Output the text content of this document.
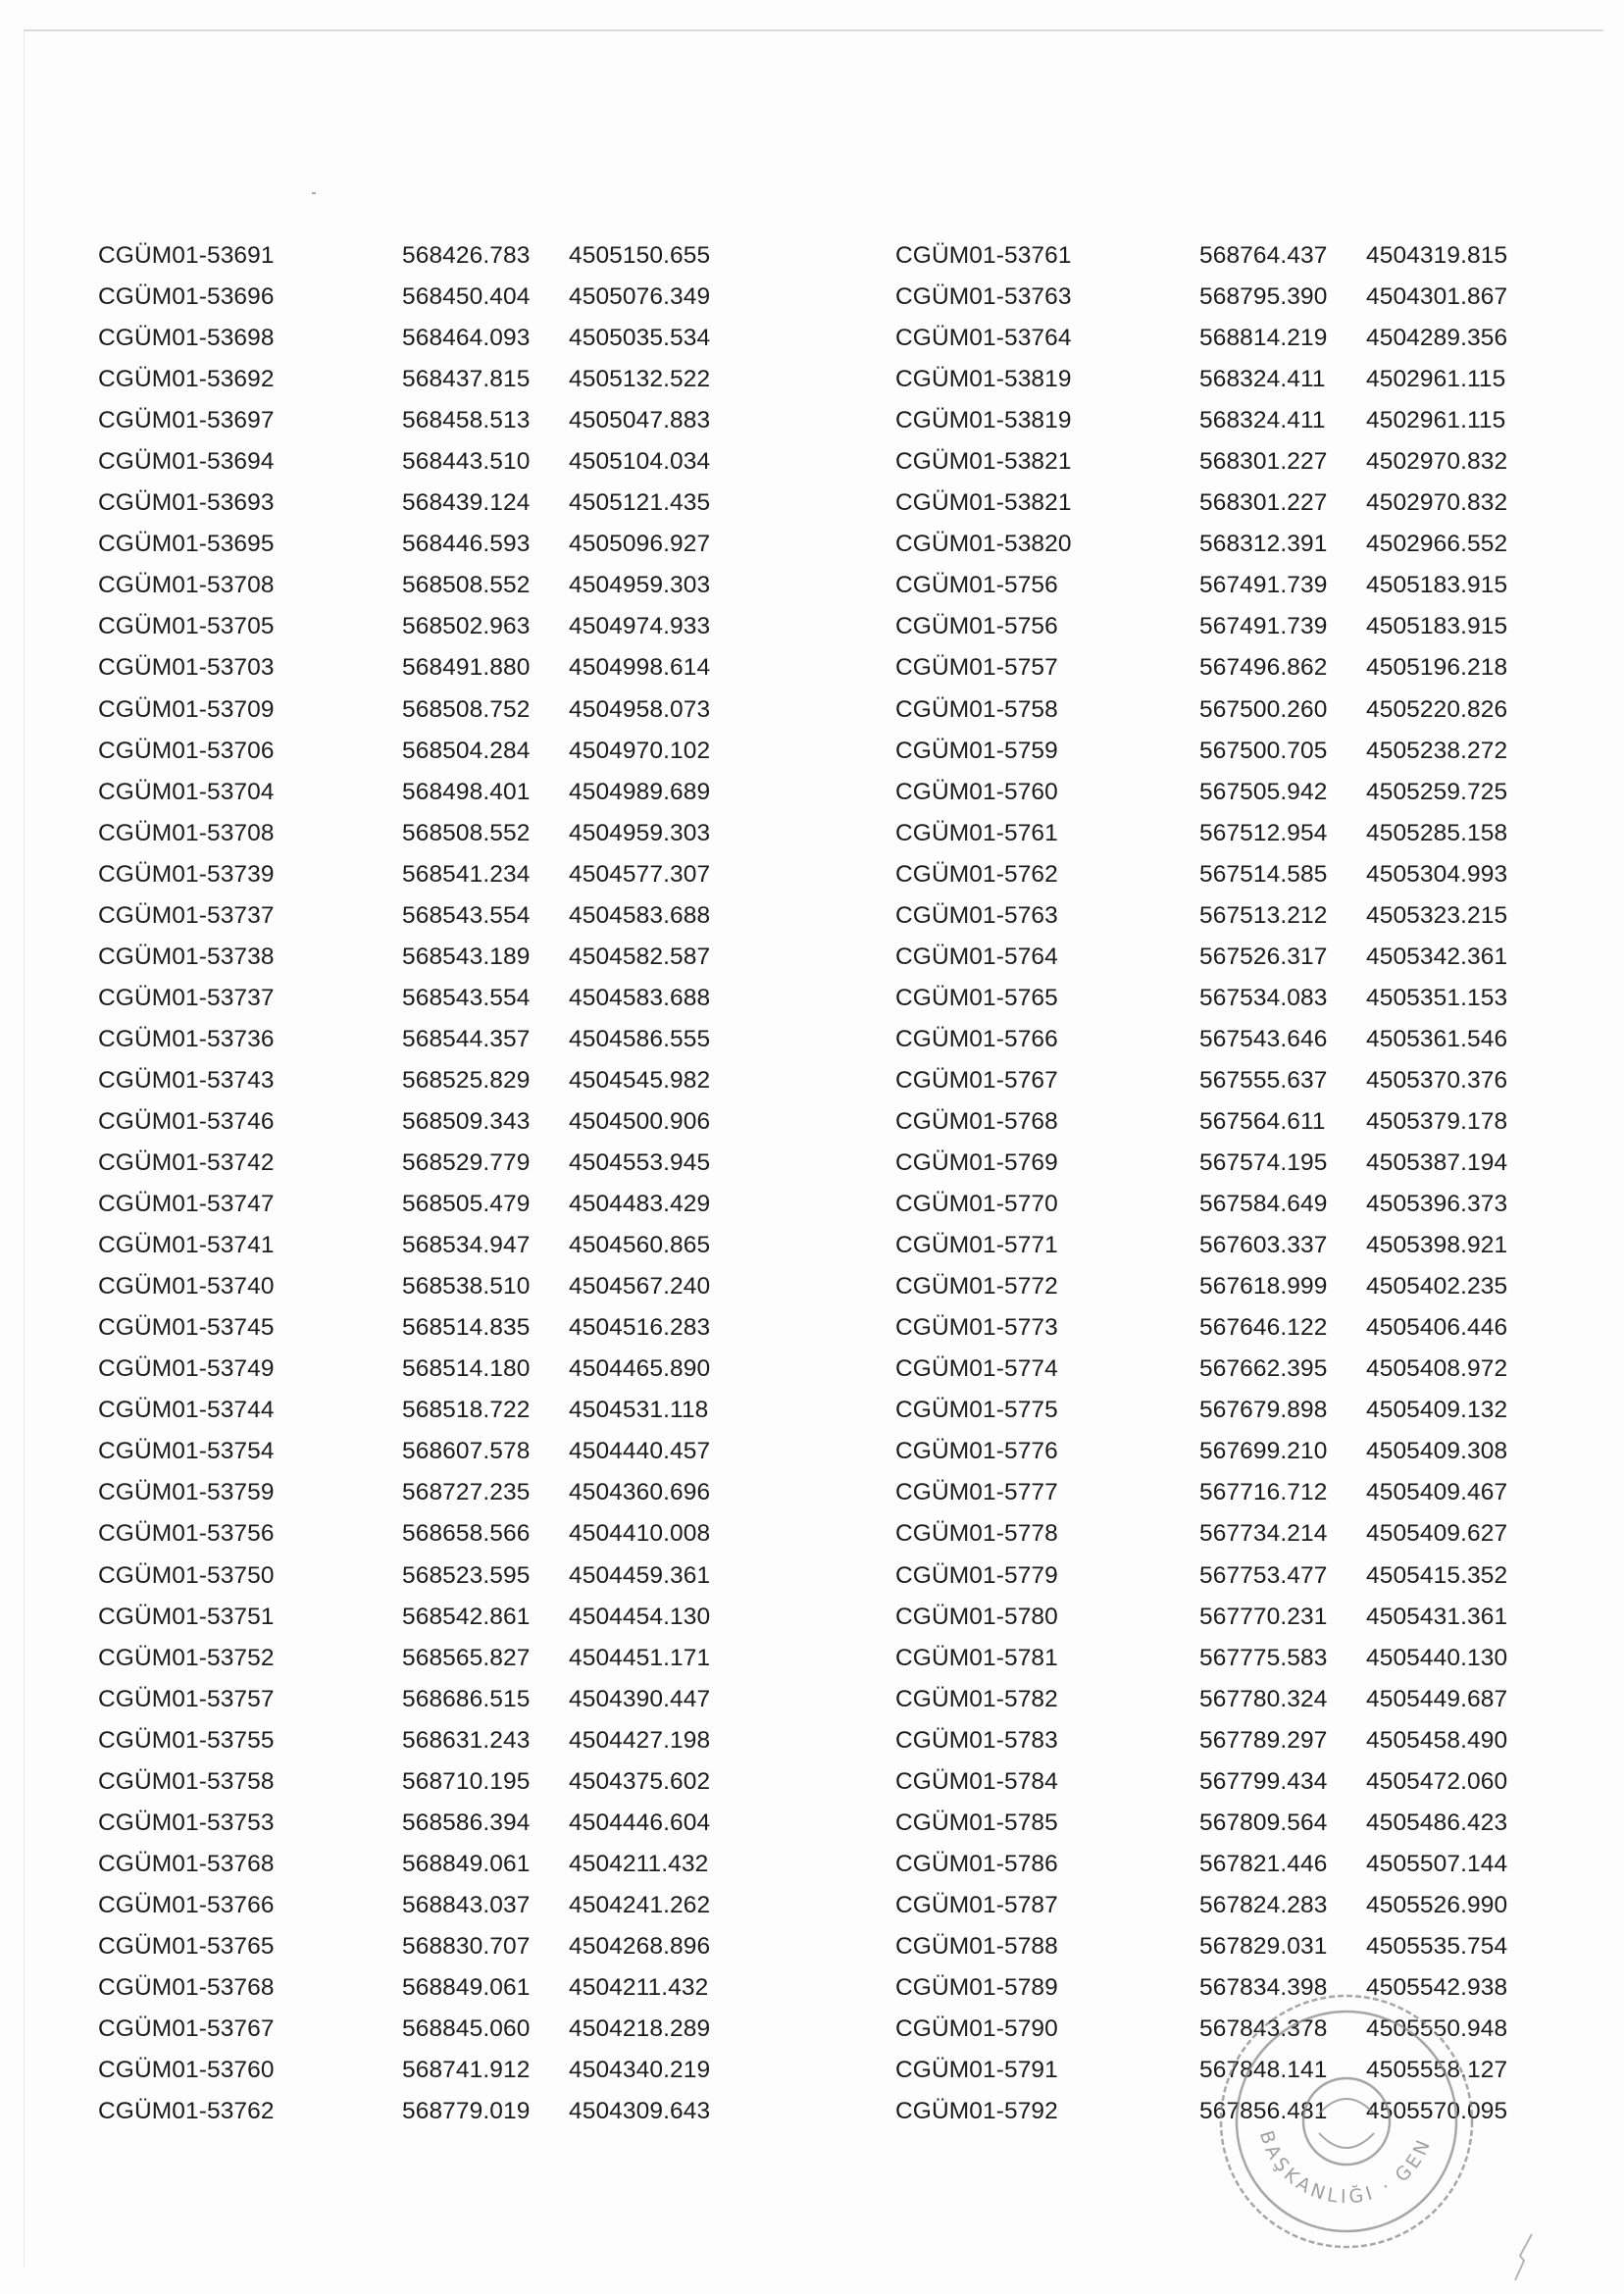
CGÜM01-53691	568426.783	4505150.655
CGÜM01-53696	568450.404	4505076.349
CGÜM01-53698	568464.093	4505035.534
CGÜM01-53692	568437.815	4505132.522
CGÜM01-53697	568458.513	4505047.883
CGÜM01-53694	568443.510	4505104.034
CGÜM01-53693	568439.124	4505121.435
CGÜM01-53695	568446.593	4505096.927
CGÜM01-53708	568508.552	4504959.303
CGÜM01-53705	568502.963	4504974.933
CGÜM01-53703	568491.880	4504998.614
CGÜM01-53709	568508.752	4504958.073
CGÜM01-53706	568504.284	4504970.102
CGÜM01-53704	568498.401	4504989.689
CGÜM01-53708	568508.552	4504959.303
CGÜM01-53739	568541.234	4504577.307
CGÜM01-53737	568543.554	4504583.688
CGÜM01-53738	568543.189	4504582.587
CGÜM01-53737	568543.554	4504583.688
CGÜM01-53736	568544.357	4504586.555
CGÜM01-53743	568525.829	4504545.982
CGÜM01-53746	568509.343	4504500.906
CGÜM01-53742	568529.779	4504553.945
CGÜM01-53747	568505.479	4504483.429
CGÜM01-53741	568534.947	4504560.865
CGÜM01-53740	568538.510	4504567.240
CGÜM01-53745	568514.835	4504516.283
CGÜM01-53749	568514.180	4504465.890
CGÜM01-53744	568518.722	4504531.118
CGÜM01-53754	568607.578	4504440.457
CGÜM01-53759	568727.235	4504360.696
CGÜM01-53756	568658.566	4504410.008
CGÜM01-53750	568523.595	4504459.361
CGÜM01-53751	568542.861	4504454.130
CGÜM01-53752	568565.827	4504451.171
CGÜM01-53757	568686.515	4504390.447
CGÜM01-53755	568631.243	4504427.198
CGÜM01-53758	568710.195	4504375.602
CGÜM01-53753	568586.394	4504446.604
CGÜM01-53768	568849.061	4504211.432
CGÜM01-53766	568843.037	4504241.262
CGÜM01-53765	568830.707	4504268.896
CGÜM01-53768	568849.061	4504211.432
CGÜM01-53767	568845.060	4504218.289
CGÜM01-53760	568741.912	4504340.219
CGÜM01-53762	568779.019	4504309.643
CGÜM01-53761	568764.437	4504319.815
CGÜM01-53763	568795.390	4504301.867
CGÜM01-53764	568814.219	4504289.356
CGÜM01-53819	568324.411	4502961.115
CGÜM01-53819	568324.411	4502961.115
CGÜM01-53821	568301.227	4502970.832
CGÜM01-53821	568301.227	4502970.832
CGÜM01-53820	568312.391	4502966.552
CGÜM01-5756	567491.739	4505183.915
CGÜM01-5756	567491.739	4505183.915
CGÜM01-5757	567496.862	4505196.218
CGÜM01-5758	567500.260	4505220.826
CGÜM01-5759	567500.705	4505238.272
CGÜM01-5760	567505.942	4505259.725
CGÜM01-5761	567512.954	4505285.158
CGÜM01-5762	567514.585	4505304.993
CGÜM01-5763	567513.212	4505323.215
CGÜM01-5764	567526.317	4505342.361
CGÜM01-5765	567534.083	4505351.153
CGÜM01-5766	567543.646	4505361.546
CGÜM01-5767	567555.637	4505370.376
CGÜM01-5768	567564.611	4505379.178
CGÜM01-5769	567574.195	4505387.194
CGÜM01-5770	567584.649	4505396.373
CGÜM01-5771	567603.337	4505398.921
CGÜM01-5772	567618.999	4505402.235
CGÜM01-5773	567646.122	4505406.446
CGÜM01-5774	567662.395	4505408.972
CGÜM01-5775	567679.898	4505409.132
CGÜM01-5776	567699.210	4505409.308
CGÜM01-5777	567716.712	4505409.467
CGÜM01-5778	567734.214	4505409.627
CGÜM01-5779	567753.477	4505415.352
CGÜM01-5780	567770.231	4505431.361
CGÜM01-5781	567775.583	4505440.130
CGÜM01-5782	567780.324	4505449.687
CGÜM01-5783	567789.297	4505458.490
CGÜM01-5784	567799.434	4505472.060
CGÜM01-5785	567809.564	4505486.423
CGÜM01-5786	567821.446	4505507.144
CGÜM01-5787	567824.283	4505526.990
CGÜM01-5788	567829.031	4505535.754
CGÜM01-5789	567834.398	4505542.938
CGÜM01-5790	567843.378	4505550.948
CGÜM01-5791	567848.141	4505558.127
CGÜM01-5792	567856.481	4505570.095
BAŞKANLIĞI · GEN
